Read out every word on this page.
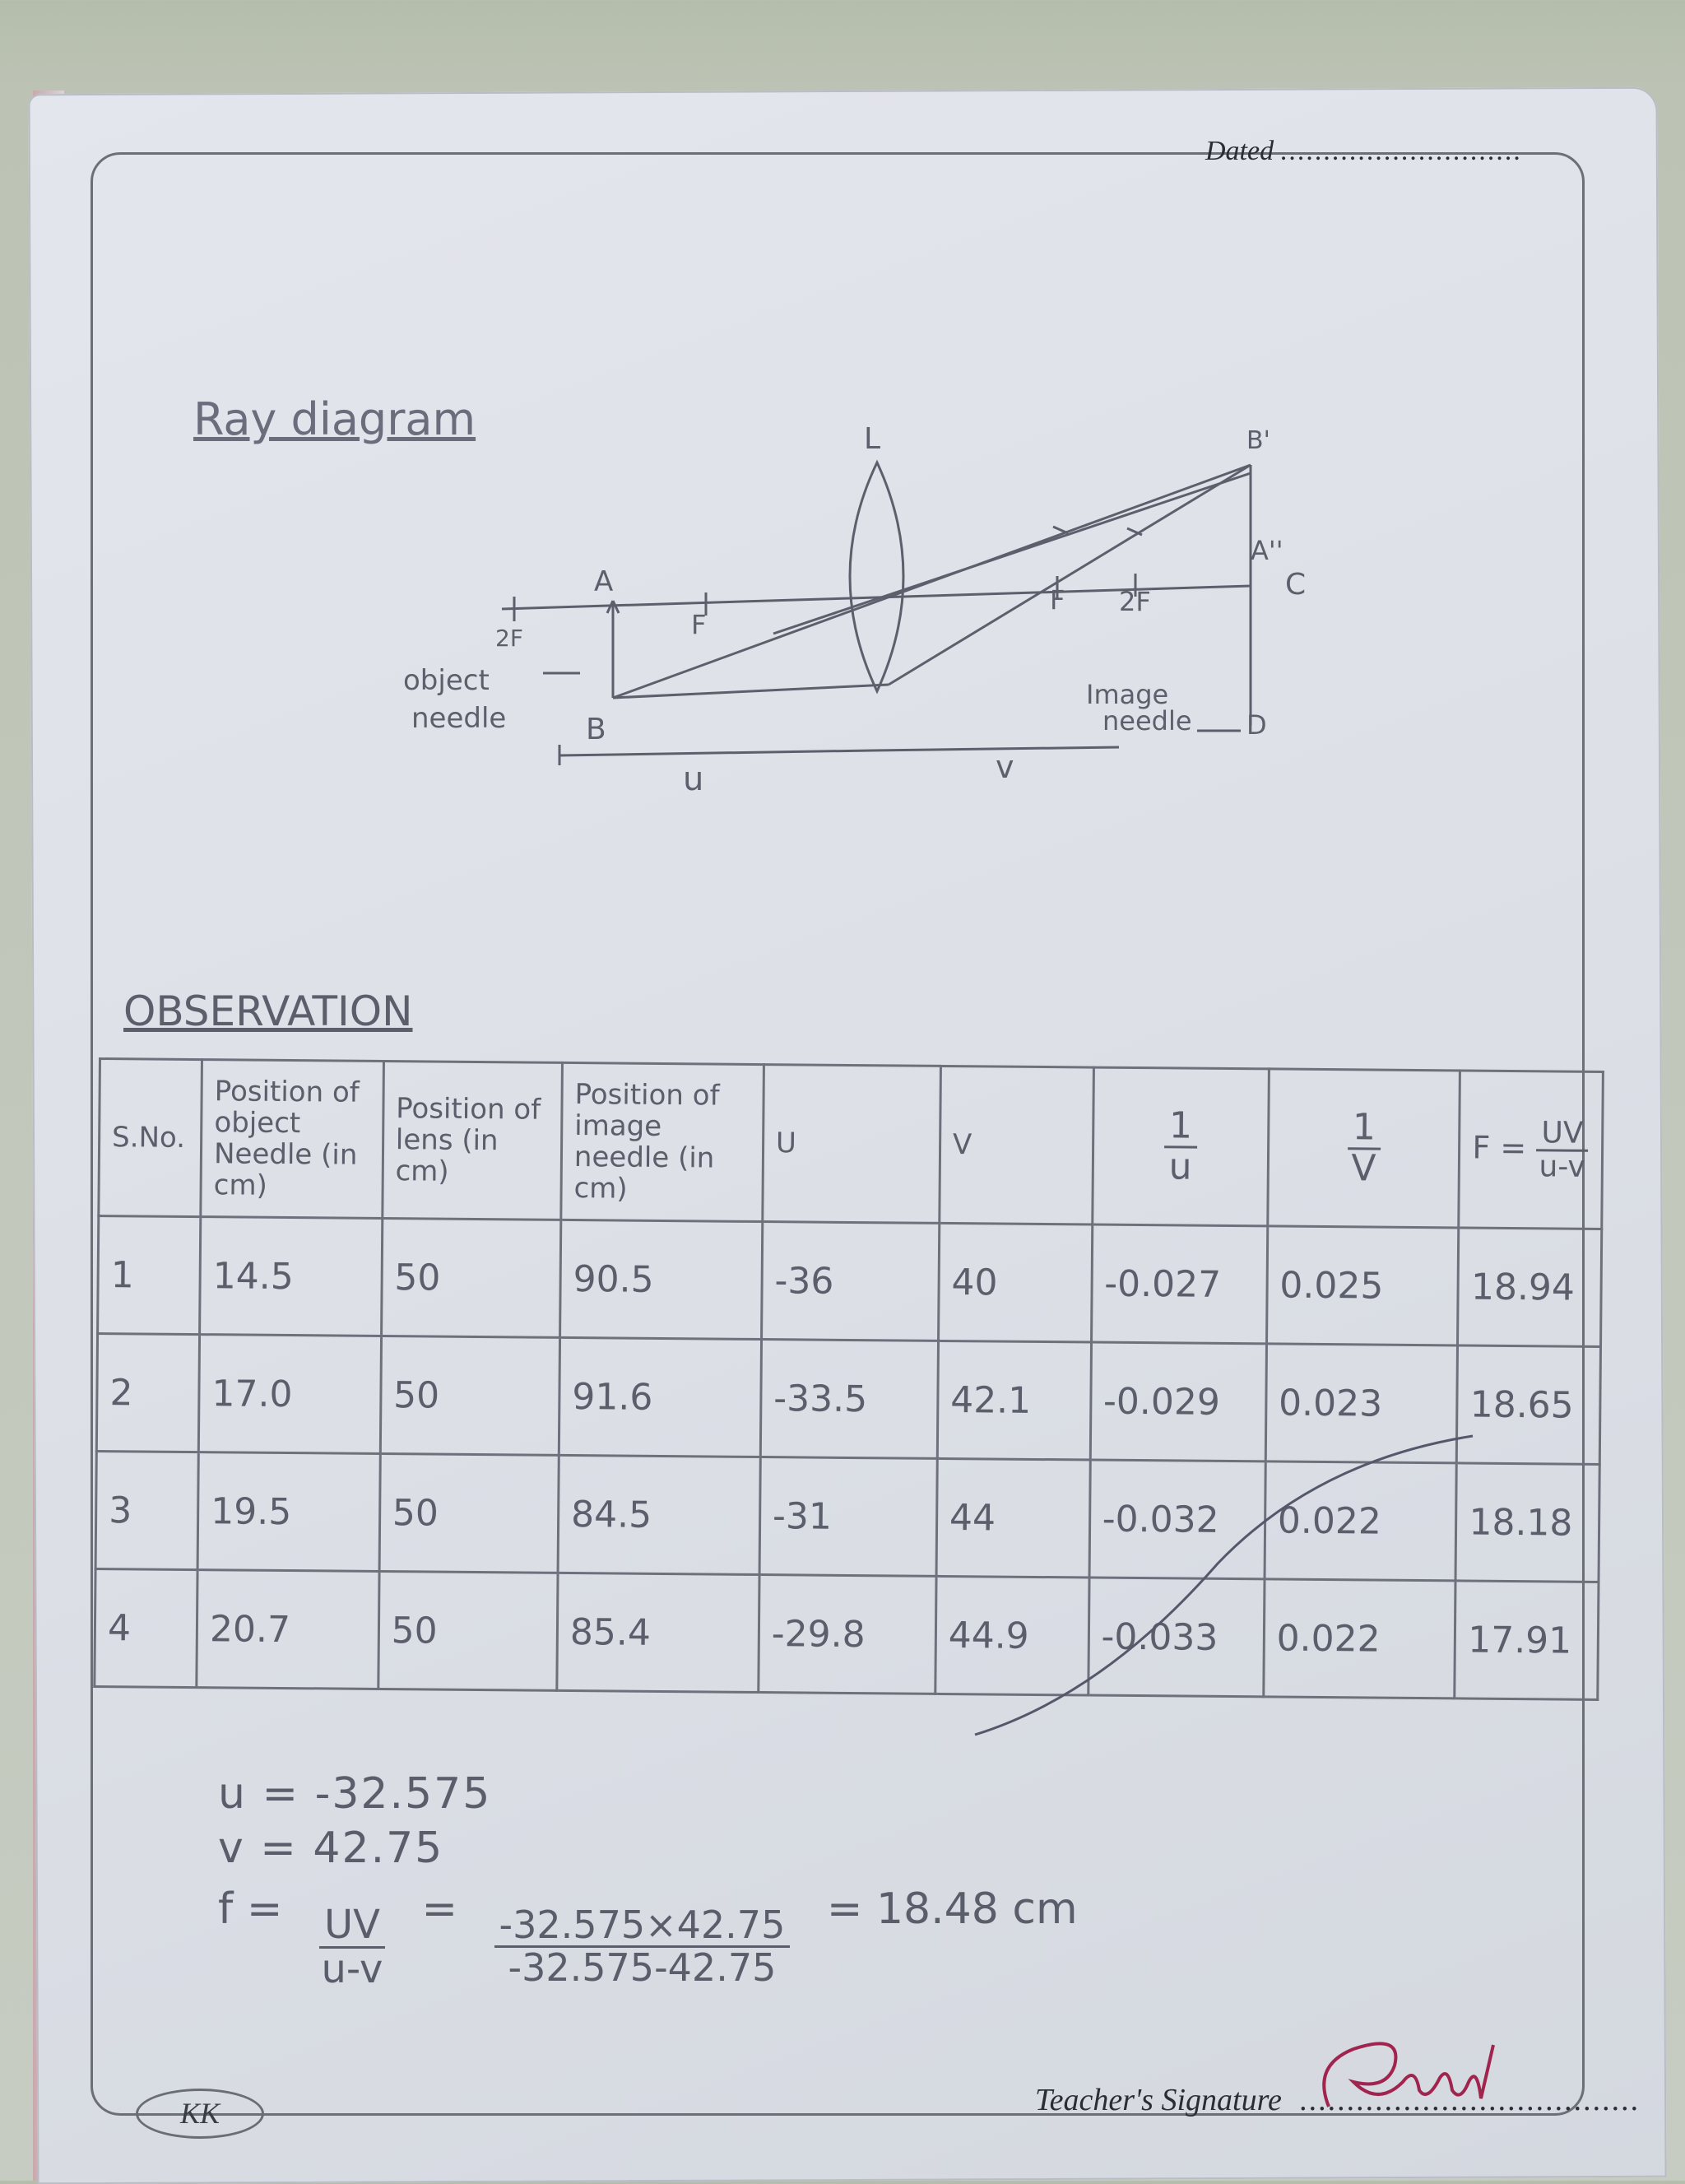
Dated ............................
Ray diagram	L	B'
A
A''
C
2F	F
F 2F
B	D
u	v
object needle
Image needle
OBSERVATION
S.No.	Position of object Needle (in cm)	Position of lens (in cm)	Position of image needle (in cm)	U	V	$\frac{1}{u}$	$\frac{1}{V}$	$F = \frac{UV}{u-v}$

1	14.5	50	90.5	-36	40	-0.027	0.025	18.94
2	17.0	50	91.6	-33.5	42.1	-0.029	0.023	18.65
3	19.5	50	84.5	-31	44	-0.032	0.022	18.18
4	20.7	50	85.4	-29.8	44.9	-0.033	0.022	17.91
u = -32.575
v = 42.75
$f = \frac{UV}{u-v} = \frac{-32.575\times 42.75}{-32.575-42.75} = 18.48$ cm
KK	Teacher's Signature ....................................
